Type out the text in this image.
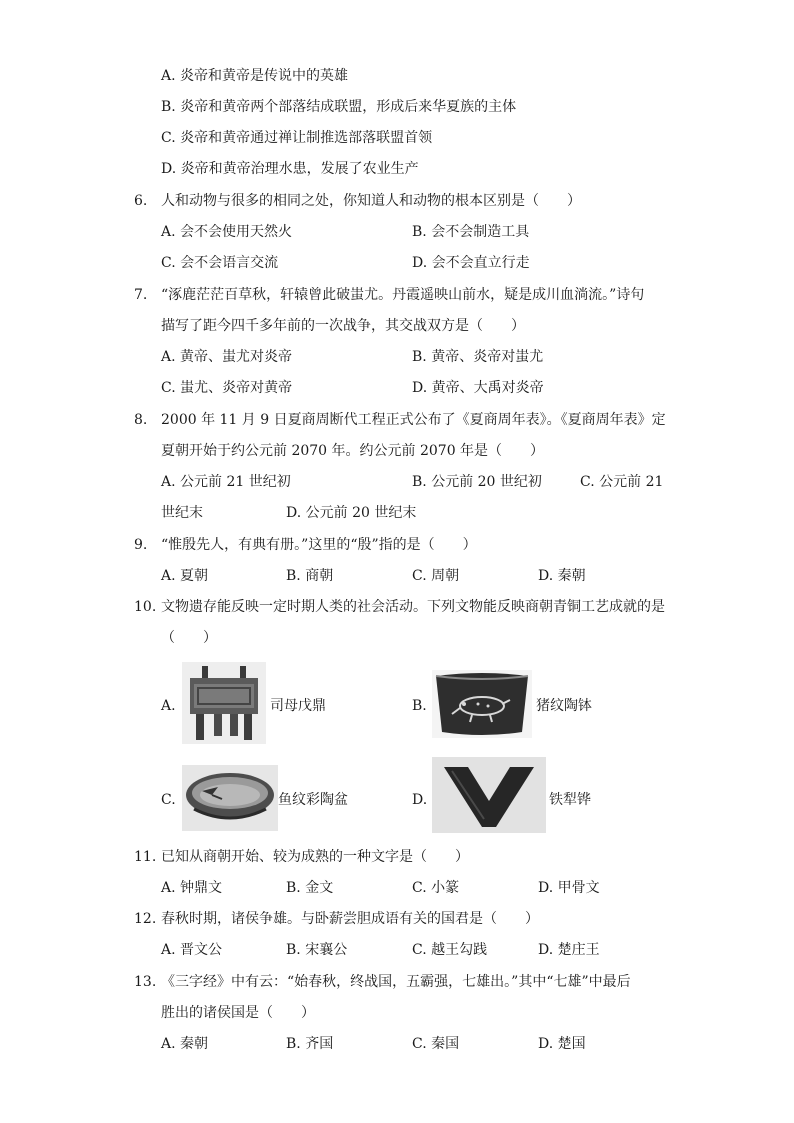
A. 炎帝和黄帝是传说中的英雄
B. 炎帝和黄帝两个部落结成联盟，形成后来华夏族的主体
C. 炎帝和黄帝通过禅让制推选部落联盟首领
D. 炎帝和黄帝治理水患，发展了农业生产
6. 人和动物与很多的相同之处，你知道人和动物的根本区别是（　　）
A. 会不会使用天然火	B. 会不会制造工具
C. 会不会语言交流	D. 会不会直立行走
7. “涿鹿茫茫百草秋，轩辕曾此破蚩尤。丹霞遥映山前水，疑是成川血淌流。”诗句
描写了距今四千多年前的一次战争，其交战双方是（　　）
A. 黄帝、蚩尤对炎帝	B. 黄帝、炎帝对蚩尤
C. 蚩尤、炎帝对黄帝	D. 黄帝、大禹对炎帝
8. 2000 年 11 月 9 日夏商周断代工程正式公布了《夏商周年表》。《夏商周年表》定
夏朝开始于约公元前 2070 年。约公元前 2070 年是（　　）
A. 公元前 21 世纪初	B. 公元前 20 世纪初	C. 公元前 21
世纪末	D. 公元前 20 世纪末
9. “惟殷先人，有典有册。”这里的“殷”指的是（　　）
A. 夏朝	B. 商朝	C. 周朝	D. 秦朝
10. 文物遗存能反映一定时期人类的社会活动。下列文物能反映商朝青铜工艺成就的是
（　　）
A.	司母戊鼎	B.	猪纹陶钵
C.	鱼纹彩陶盆	D.	铁犁铧
11. 已知从商朝开始、较为成熟的一种文字是（　　）
A. 钟鼎文	B. 金文	C. 小篆	D. 甲骨文
12. 春秋时期，诸侯争雄。与卧薪尝胆成语有关的国君是（　　）
A. 晋文公	B. 宋襄公	C. 越王勾践	D. 楚庄王
13. 《三字经》中有云：“始春秋，终战国，五霸强，七雄出。”其中“七雄”中最后
胜出的诸侯国是（　　）
A. 秦朝	B. 齐国	C. 秦国	D. 楚国
